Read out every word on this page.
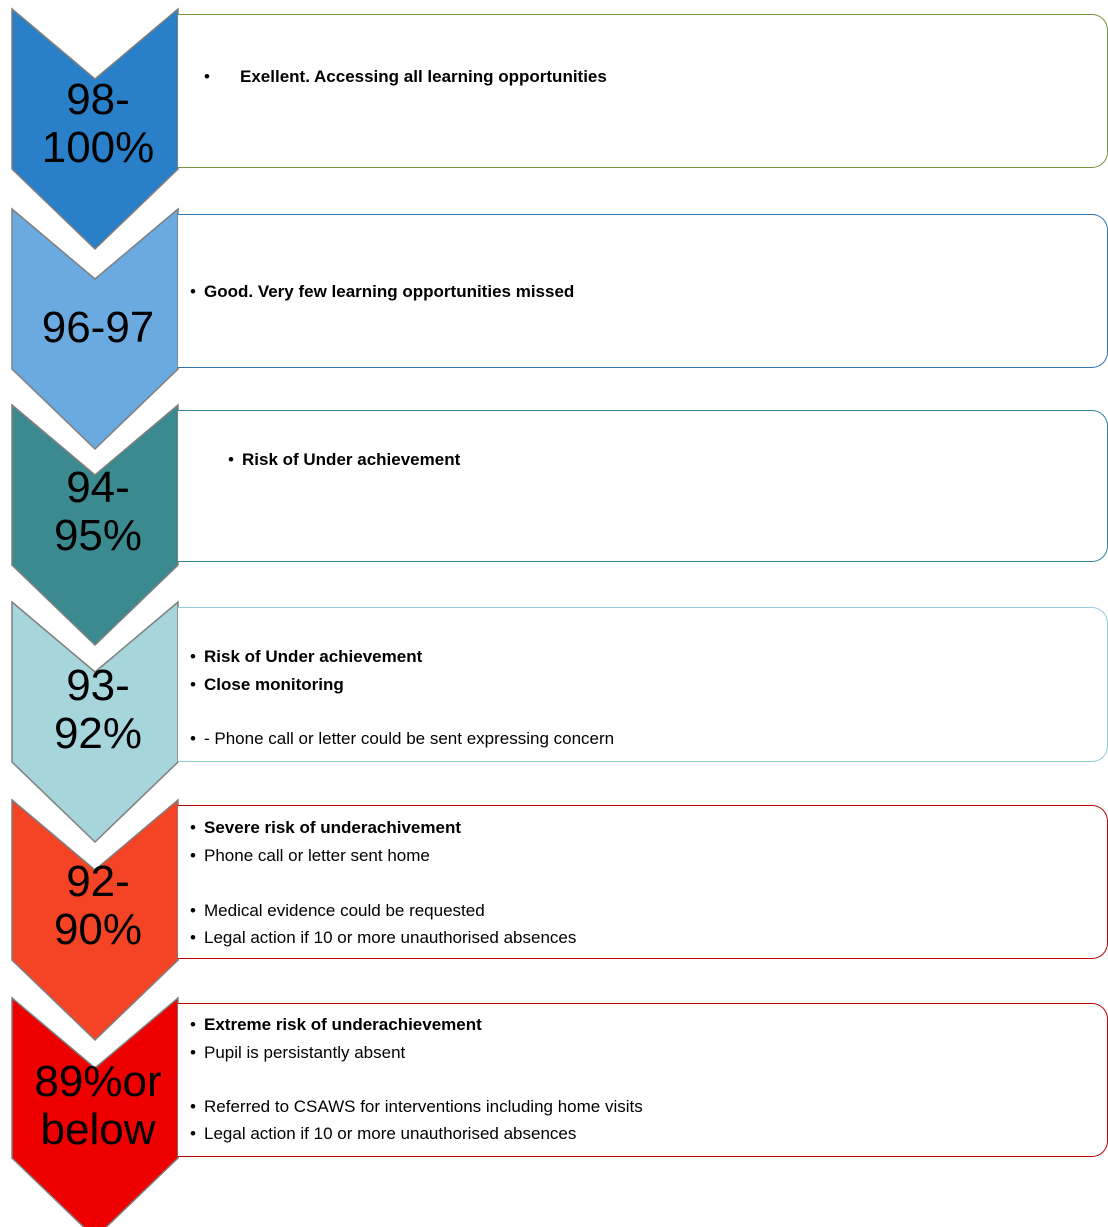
• Exellent. Accessing all learning opportunities
98-
100%
• Good. Very few learning opportunities missed
96-97
• Risk of Under achievement
94-
95%
• Risk of Under achievement
• Close monitoring
• - Phone call or letter could be sent expressing concern
93-
92%
• Severe risk of underachivement
• Phone call or letter sent home
• Medical evidence could be requested
• Legal action if 10 or more unauthorised absences
92-
90%
• Extreme risk of underachievement
• Pupil is persistantly absent
• Referred to CSAWS for interventions including home visits
• Legal action if 10 or more unauthorised absences
89%or
below
